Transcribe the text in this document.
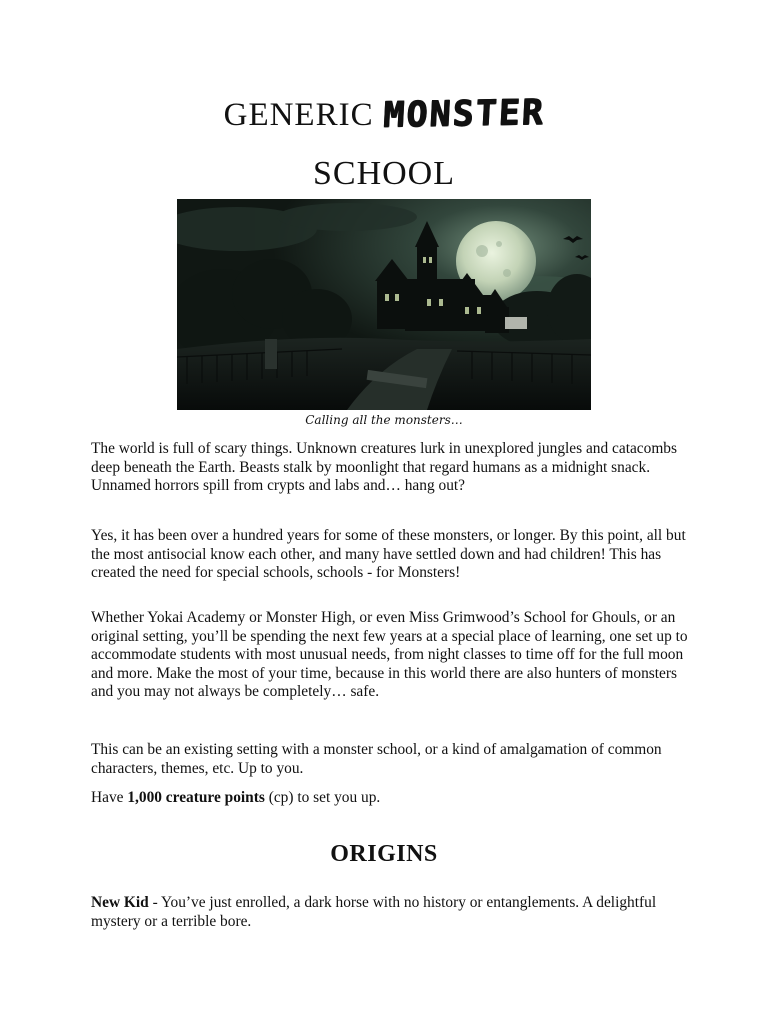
GENERIC MONSTER
SCHOOL
Calling all the monsters…

The world is full of scary things. Unknown creatures lurk in unexplored jungles and catacombs deep beneath the Earth. Beasts stalk by moonlight that regard humans as a midnight snack. Unnamed horrors spill from crypts and labs and… hang out?

Yes, it has been over a hundred years for some of these monsters, or longer. By this point, all but the most antisocial know each other, and many have settled down and had children! This has created the need for special schools, schools - for Monsters!

Whether Yokai Academy or Monster High, or even Miss Grimwood’s School for Ghouls, or an original setting, you’ll be spending the next few years at a special place of learning, one set up to accommodate students with most unusual needs, from night classes to time off for the full moon and more. Make the most of your time, because in this world there are also hunters of monsters and you may not always be completely… safe.

This can be an existing setting with a monster school, or a kind of amalgamation of common characters, themes, etc. Up to you.

Have 1,000 creature points (cp) to set you up.

ORIGINS

New Kid - You’ve just enrolled, a dark horse with no history or entanglements. A delightful mystery or a terrible bore.
